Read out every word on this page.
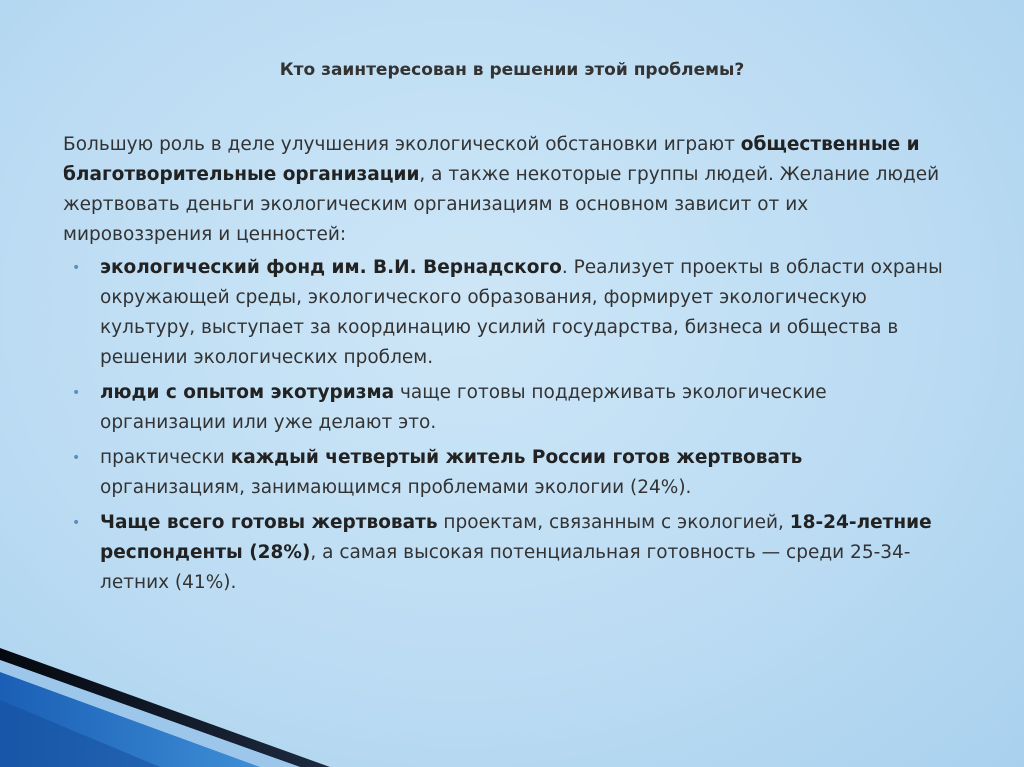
Кто заинтересован в решении этой проблемы?

Большую роль в деле улучшения экологической обстановки играют общественные и благотворительные организации, а также некоторые группы людей. Желание людей жертвовать деньги экологическим организациям в основном зависит от их мировоззрения и ценностей:

• экологический фонд им. В.И. Вернадского. Реализует проекты в области охраны окружающей среды, экологического образования, формирует экологическую культуру, выступает за координацию усилий государства, бизнеса и общества в решении экологических проблем.
• люди с опытом экотуризма чаще готовы поддерживать экологические организации или уже делают это.
• практически каждый четвертый житель России готов жертвовать организациям, занимающимся проблемами экологии (24%).
• Чаще всего готовы жертвовать проектам, связанным с экологией, 18-24-летние респонденты (28%), а самая высокая потенциальная готовность — среди 25-34-летних (41%).
